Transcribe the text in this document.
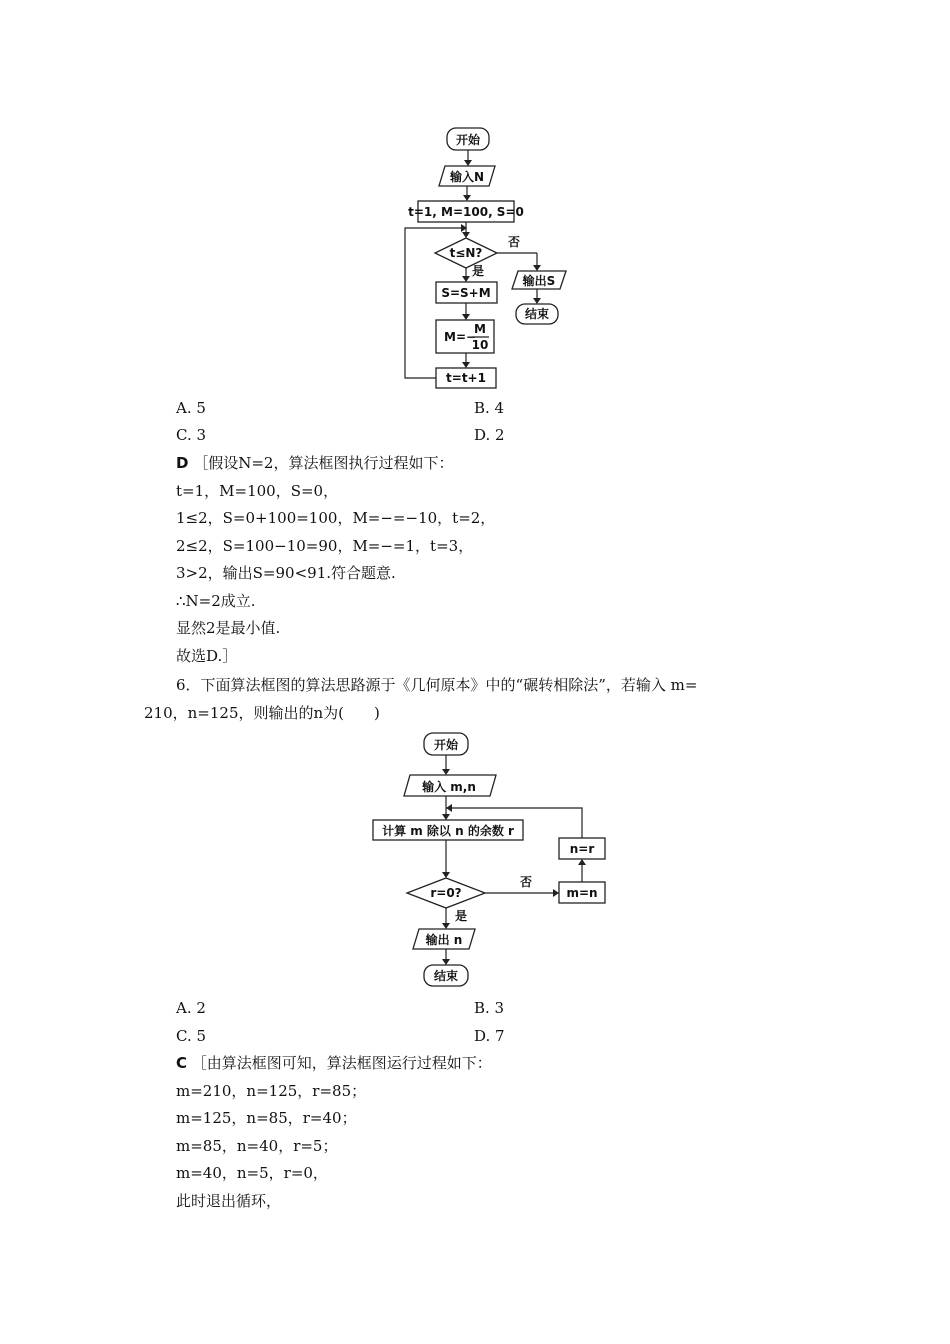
开始
输入N
t=1, M=100, S=0
t≤N?
否
输出S
结束
是
S=S+M
M=−
M
10
t=t+1
A. 5	B. 4
C. 3	D. 2
D ［假设N=2，算法框图执行过程如下：
t=1，M=100，S=0，
1≤2，S=0+100=100，M=−=−10，t=2，
2≤2，S=100−10=90，M=−=1，t=3，
3>2，输出S=90<91.符合题意.
∴N=2成立.
显然2是最小值.
故选D.］
6．下面算法框图的算法思路源于《几何原本》中的“碾转相除法”，若输入 m=
210，n=125，则输出的n为(　　)
开始
输入 m,n
计算 m 除以 n 的余数 r
r=0?
否
m=n
n=r
是
输出 n
结束
A. 2	B. 3
C. 5	D. 7
C ［由算法框图可知，算法框图运行过程如下：
m=210，n=125，r=85；
m=125，n=85，r=40；
m=85，n=40，r=5；
m=40，n=5，r=0，
此时退出循环，
